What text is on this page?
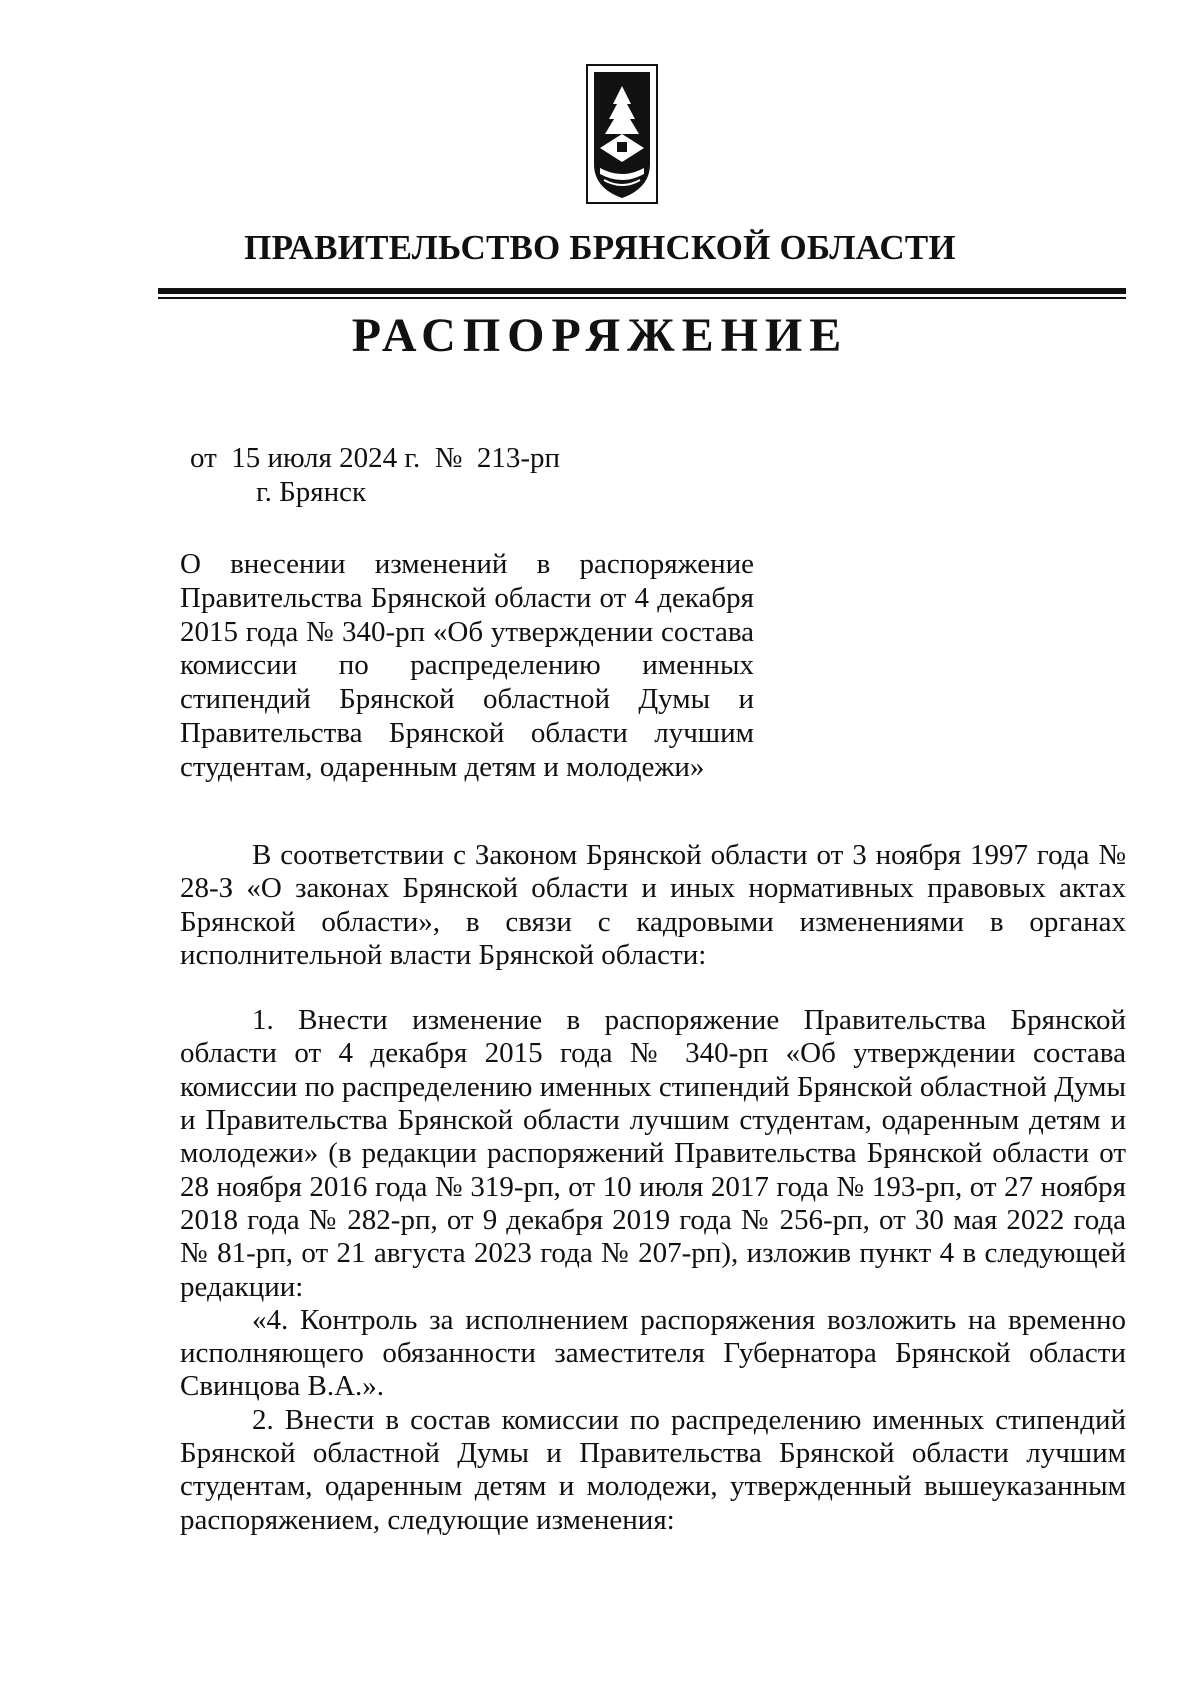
ПРАВИТЕЛЬСТВО БРЯНСКОЙ ОБЛАСТИ
РАСПОРЯЖЕНИЕ
от  15 июля 2024 г.  №  213-рп
г. Брянск
О внесении изменений в распоряжение Правительства Брянской области от 4 декабря 2015 года № 340-рп «Об утверждении состава комиссии по распределению именных стипендий Брянской областной Думы и Правительства Брянской области лучшим студентам, одаренным детям и молодежи»

В соответствии с Законом Брянской области от 3 ноября 1997 года № 28-З «О законах Брянской области и иных нормативных правовых актах Брянской области», в связи с кадровыми изменениями в органах исполнительной власти Брянской области:

1. Внести изменение в распоряжение Правительства Брянской области от 4 декабря 2015 года № 340-рп «Об утверждении состава комиссии по распределению именных стипендий Брянской областной Думы и Правительства Брянской области лучшим студентам, одаренным детям и молодежи» (в редакции распоряжений Правительства Брянской области от 28 ноября 2016 года № 319-рп, от 10 июля 2017 года № 193-рп, от 27 ноября 2018 года № 282-рп, от 9 декабря 2019 года № 256-рп, от 30 мая 2022 года № 81-рп, от 21 августа 2023 года № 207-рп), изложив пункт 4 в следующей редакции:

«4. Контроль за исполнением распоряжения возложить на временно исполняющего обязанности заместителя Губернатора Брянской области Свинцова В.А.».

2. Внести в состав комиссии по распределению именных стипендий Брянской областной Думы и Правительства Брянской области лучшим студентам, одаренным детям и молодежи, утвержденный вышеуказанным распоряжением, следующие изменения:
